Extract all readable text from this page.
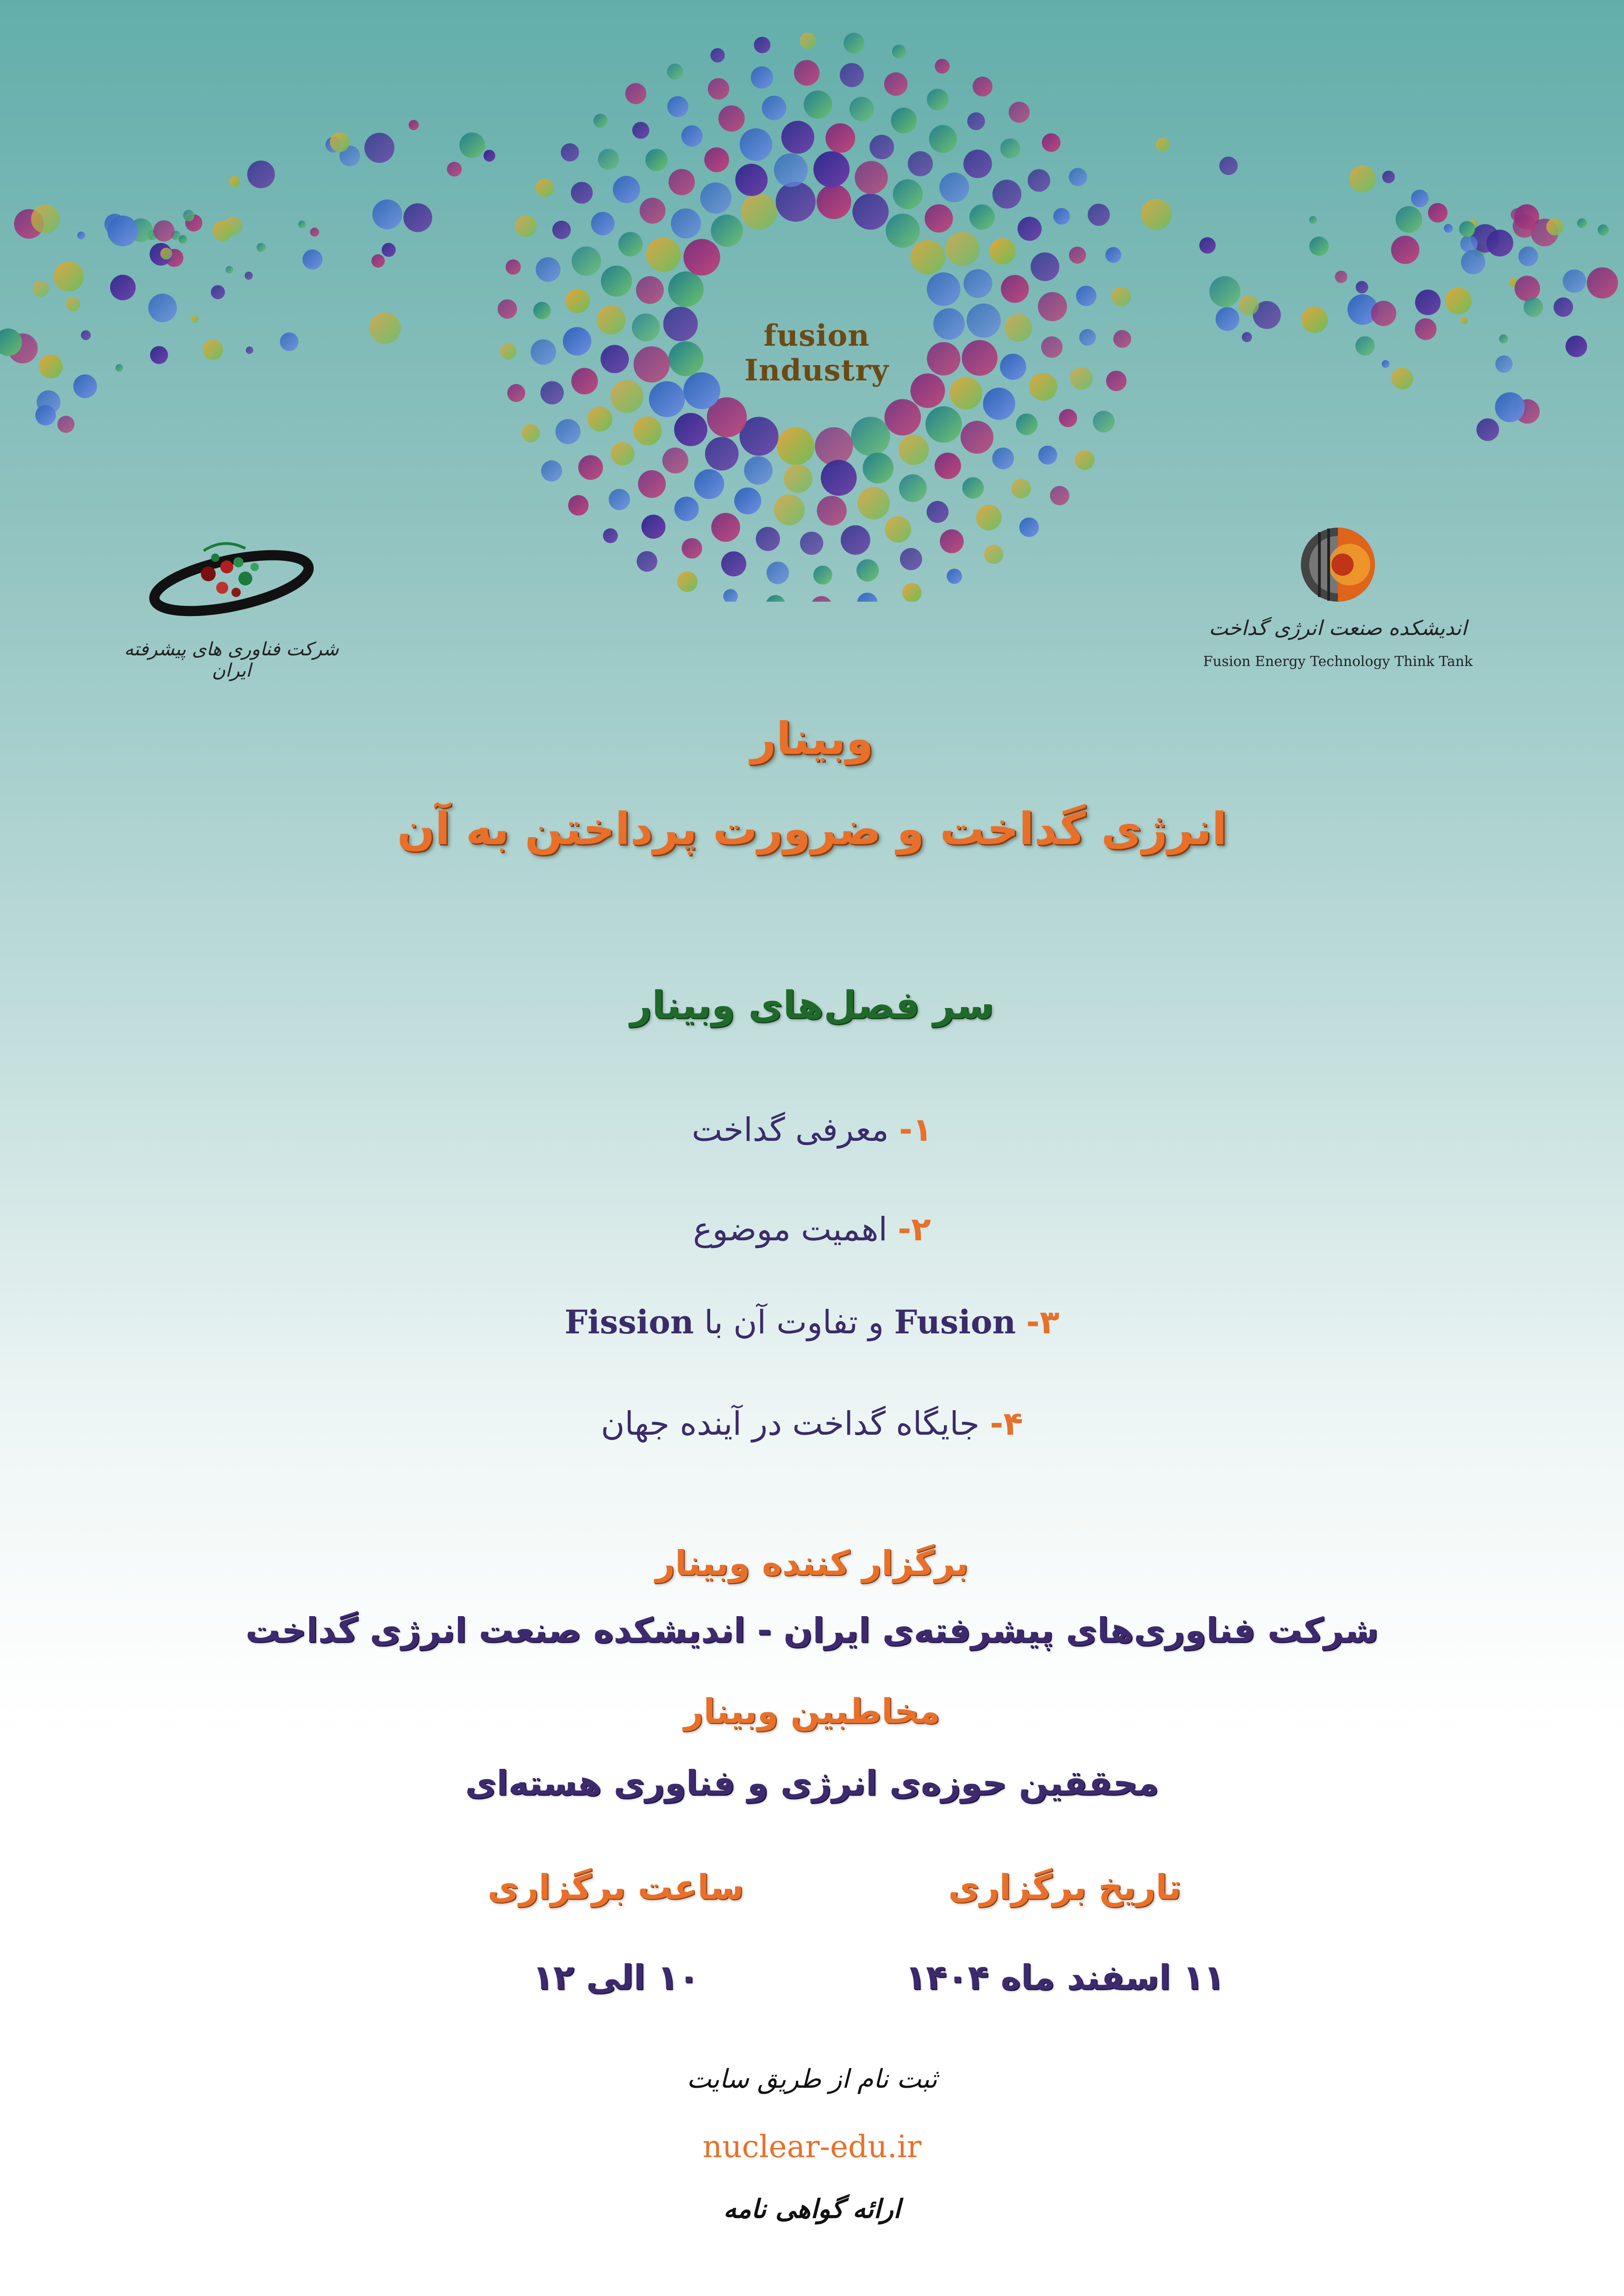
fusion Industry
شرکت فناوری های پیشرفته ایران
اندیشکده صنعت انرژی گداخت
Fusion Energy Technology Think Tank
وبینار
انرژی گداخت و ضرورت پرداختن به آن
سر فصل‌های وبینار
۱- معرفی گداخت
۲- اهمیت موضوع
۳- Fusion و تفاوت آن با Fission
۴- جایگاه گداخت در آینده جهان
برگزار کننده وبینار
شرکت فناوری‌های پیشرفته‌ی ایران - اندیشکده صنعت انرژی گداخت
مخاطبین وبینار
محققین حوزه‌ی انرژی و فناوری هسته‌ای
تاریخ برگزاری
۱۱ اسفند ماه ۱۴۰۴
ساعت برگزاری
۱۰ الی ۱۲
ثبت نام از طریق سایت
nuclear-edu.ir
ارائه گواهی نامه
